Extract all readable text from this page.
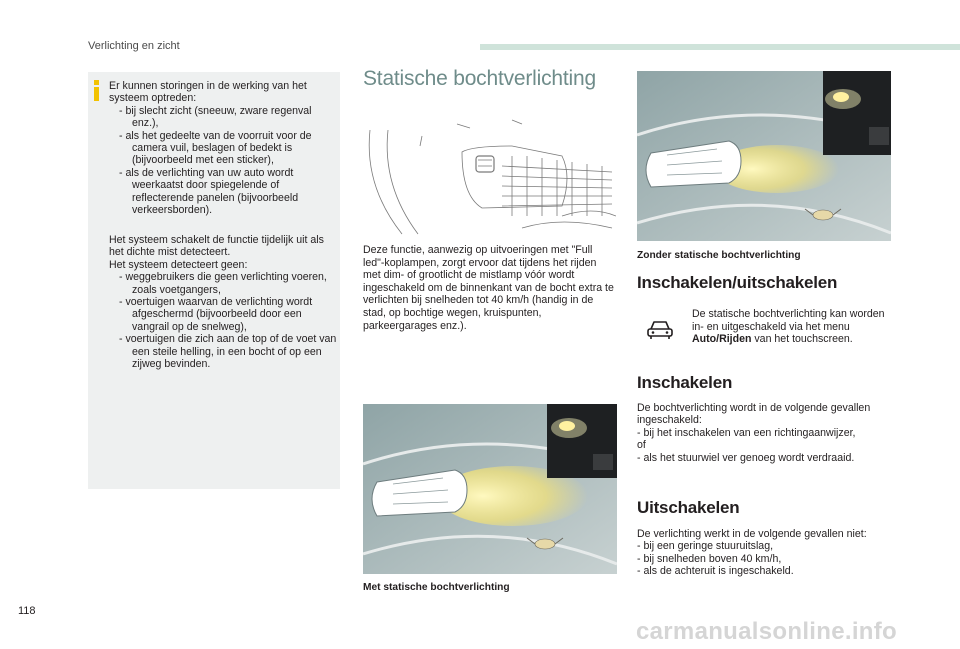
Verlichting en zicht
Er kunnen storingen in de werking van het systeem optreden:
- bij slecht zicht (sneeuw, zware regenval enz.),
- als het gedeelte van de voorruit voor de camera vuil, beslagen of bedekt is (bijvoorbeeld met een sticker),
- als de verlichting van uw auto wordt weerkaatst door spiegelende of reflecterende panelen (bijvoorbeeld verkeersborden).
Het systeem schakelt de functie tijdelijk uit als het dichte mist detecteert.
Het systeem detecteert geen:
- weggebruikers die geen verlichting voeren, zoals voetgangers,
- voertuigen waarvan de verlichting wordt afgeschermd (bijvoorbeeld door een vangrail op de snelweg),
- voertuigen die zich aan de top of de voet van een steile helling, in een bocht of op een zijweg bevinden.
Statische bochtverlichting
Deze functie, aanwezig op uitvoeringen met "Full led"-koplampen, zorgt ervoor dat tijdens het rijden met dim- of grootlicht de mistlamp vóór wordt ingeschakeld om de binnenkant van de bocht extra te verlichten bij snelheden tot 40 km/h (handig in de stad, op bochtige wegen, kruispunten, parkeergarages enz.).
Met statische bochtverlichting
Zonder statische bochtverlichting
Inschakelen/uitschakelen
De statische bochtverlichting kan worden in- en uitgeschakeld via het menu Auto/Rijden van het touchscreen.
Inschakelen
De bochtverlichting wordt in de volgende gevallen ingeschakeld:
- bij het inschakelen van een richtingaanwijzer,
of
- als het stuurwiel ver genoeg wordt verdraaid.
Uitschakelen
De verlichting werkt in de volgende gevallen niet:
- bij een geringe stuuruitslag,
- bij snelheden boven 40 km/h,
- als de achteruit is ingeschakeld.
118
carmanualsonline.info
